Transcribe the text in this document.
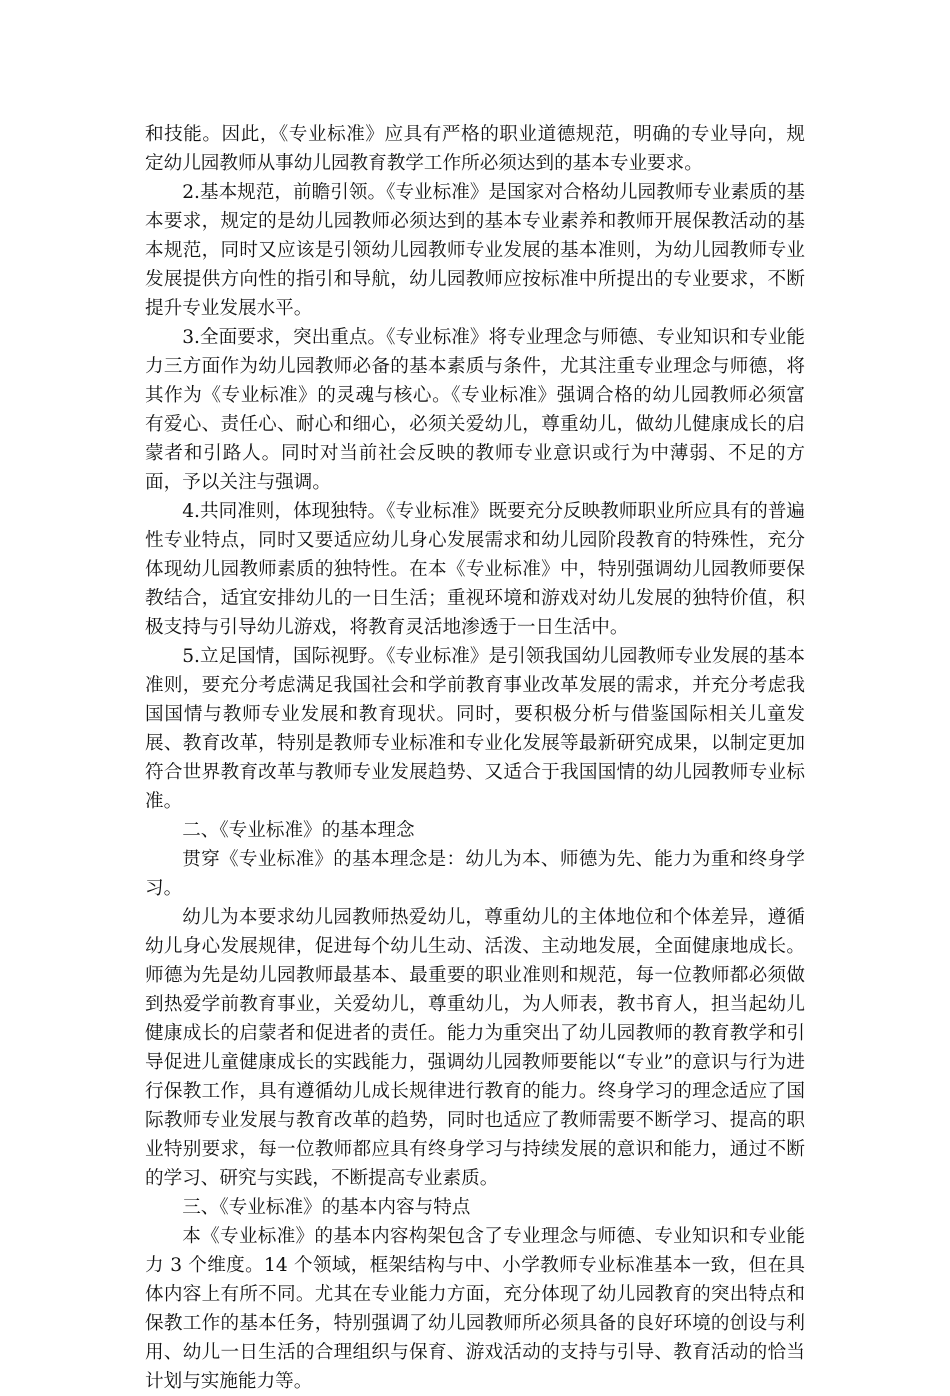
和技能。因此，《专业标准》应具有严格的职业道德规范，明确的专业导向，规定幼儿园教师从事幼儿园教育教学工作所必须达到的基本专业要求。

2.基本规范，前瞻引领。《专业标准》是国家对合格幼儿园教师专业素质的基本要求，规定的是幼儿园教师必须达到的基本专业素养和教师开展保教活动的基本规范，同时又应该是引领幼儿园教师专业发展的基本准则，为幼儿园教师专业发展提供方向性的指引和导航，幼儿园教师应按标准中所提出的专业要求，不断提升专业发展水平。

3.全面要求，突出重点。《专业标准》将专业理念与师德、专业知识和专业能力三方面作为幼儿园教师必备的基本素质与条件，尤其注重专业理念与师德，将其作为《专业标准》的灵魂与核心。《专业标准》强调合格的幼儿园教师必须富有爱心、责任心、耐心和细心，必须关爱幼儿，尊重幼儿，做幼儿健康成长的启蒙者和引路人。同时对当前社会反映的教师专业意识或行为中薄弱、不足的方面，予以关注与强调。

4.共同准则，体现独特。《专业标准》既要充分反映教师职业所应具有的普遍性专业特点，同时又要适应幼儿身心发展需求和幼儿园阶段教育的特殊性，充分体现幼儿园教师素质的独特性。在本《专业标准》中，特别强调幼儿园教师要保教结合，适宜安排幼儿的一日生活；重视环境和游戏对幼儿发展的独特价值，积极支持与引导幼儿游戏，将教育灵活地渗透于一日生活中。

5.立足国情，国际视野。《专业标准》是引领我国幼儿园教师专业发展的基本准则，要充分考虑满足我国社会和学前教育事业改革发展的需求，并充分考虑我国国情与教师专业发展和教育现状。同时，要积极分析与借鉴国际相关儿童发展、教育改革，特别是教师专业标准和专业化发展等最新研究成果，以制定更加符合世界教育改革与教师专业发展趋势、又适合于我国国情的幼儿园教师专业标准。

二、《专业标准》的基本理念

贯穿《专业标准》的基本理念是：幼儿为本、师德为先、能力为重和终身学习。

幼儿为本要求幼儿园教师热爱幼儿，尊重幼儿的主体地位和个体差异，遵循幼儿身心发展规律，促进每个幼儿生动、活泼、主动地发展，全面健康地成长。师德为先是幼儿园教师最基本、最重要的职业准则和规范，每一位教师都必须做到热爱学前教育事业，关爱幼儿，尊重幼儿，为人师表，教书育人，担当起幼儿健康成长的启蒙者和促进者的责任。能力为重突出了幼儿园教师的教育教学和引导促进儿童健康成长的实践能力，强调幼儿园教师要能以“专业”的意识与行为进行保教工作，具有遵循幼儿成长规律进行教育的能力。终身学习的理念适应了国际教师专业发展与教育改革的趋势，同时也适应了教师需要不断学习、提高的职业特别要求，每一位教师都应具有终身学习与持续发展的意识和能力，通过不断的学习、研究与实践，不断提高专业素质。

三、《专业标准》的基本内容与特点

本《专业标准》的基本内容构架包含了专业理念与师德、专业知识和专业能力 3 个维度。14 个领域，框架结构与中、小学教师专业标准基本一致，但在具体内容上有所不同。尤其在专业能力方面，充分体现了幼儿园教育的突出特点和保教工作的基本任务，特别强调了幼儿园教师所必须具备的良好环境的创设与利用、幼儿一日生活的合理组织与保育、游戏活动的支持与引导、教育活动的恰当计划与实施能力等。
